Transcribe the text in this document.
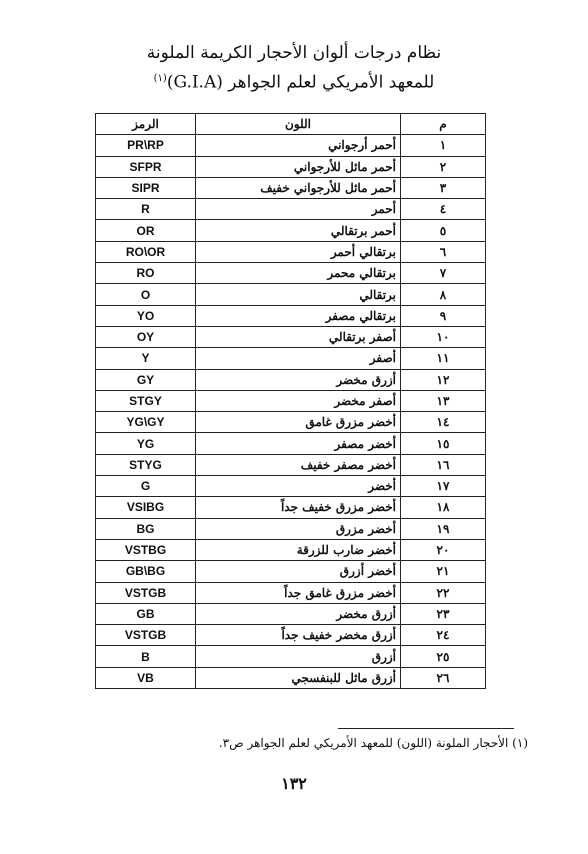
نظام درجات ألوان الأحجار الكريمة الملونة

للمعهد الأمريكي لعلم الجواهر $(G.I.A)^{(١)}$
م	اللون	الرمز
١	أحمر أرجواني	PR\RP
٢	أحمر مائل للأرجواني	SFPR
٣	أحمر مائل للأرجواني خفيف	SIPR
٤	أحمر	R
٥	أحمر برتقالي	OR
٦	برتقالي أحمر	RO\OR
٧	برتقالي محمر	RO
٨	برتقالي	O
٩	برتقالي مصفر	YO
١٠	أصفر برتقالي	OY
١١	أصفر	Y
١٢	أزرق مخضر	GY
١٣	أصفر مخضر	STGY
١٤	أخضر مزرق غامق	YG\GY
١٥	أخضر مصفر	YG
١٦	أخضر مصفر خفيف	STYG
١٧	أخضر	G
١٨	أخضر مزرق خفيف جداً	VSIBG
١٩	أخضر مزرق	BG
٢٠	أخضر ضارب للزرقة	VSTBG
٢١	أخضر أزرق	GB\BG
٢٢	أخضر مزرق غامق جداً	VSTGB
٢٣	أزرق مخضر	GB
٢٤	أزرق مخضر خفيف جداً	VSTGB
٢٥	أزرق	B
٢٦	أزرق مائل للبنفسجي	VB
(١) الأحجار الملونة (اللون) للمعهد الأمريكي لعلم الجواهر ص٣.
١٣٢
